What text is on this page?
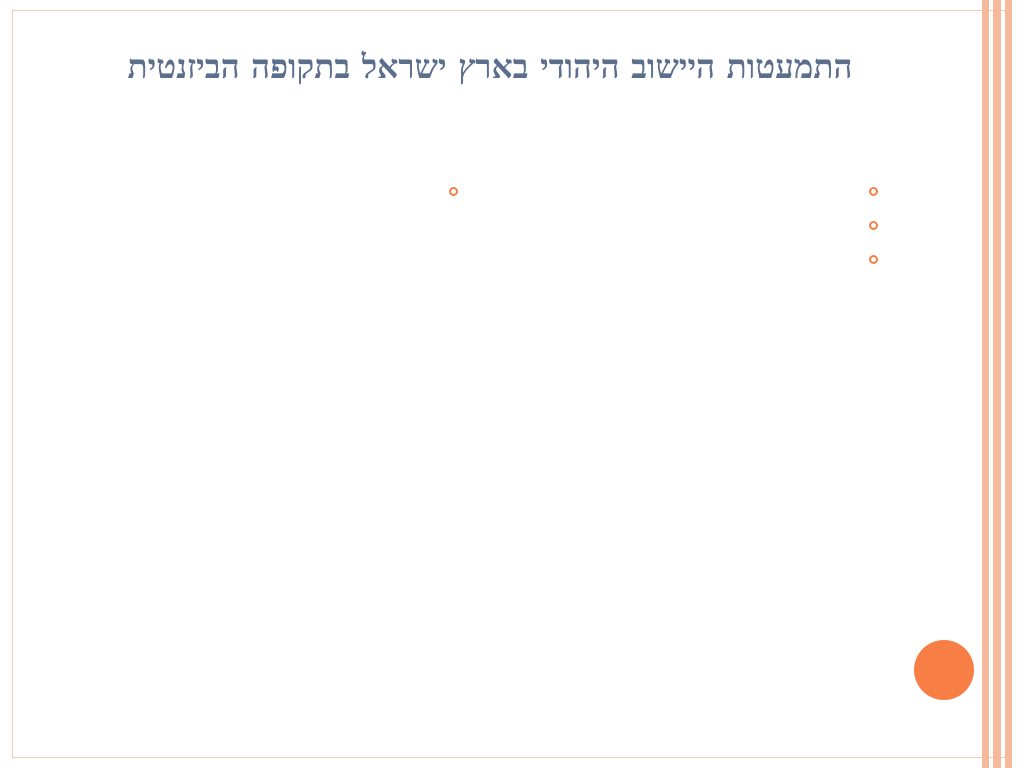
התמעטות היישוב היהודי בארץ ישראל בתקופה הביזנטית
